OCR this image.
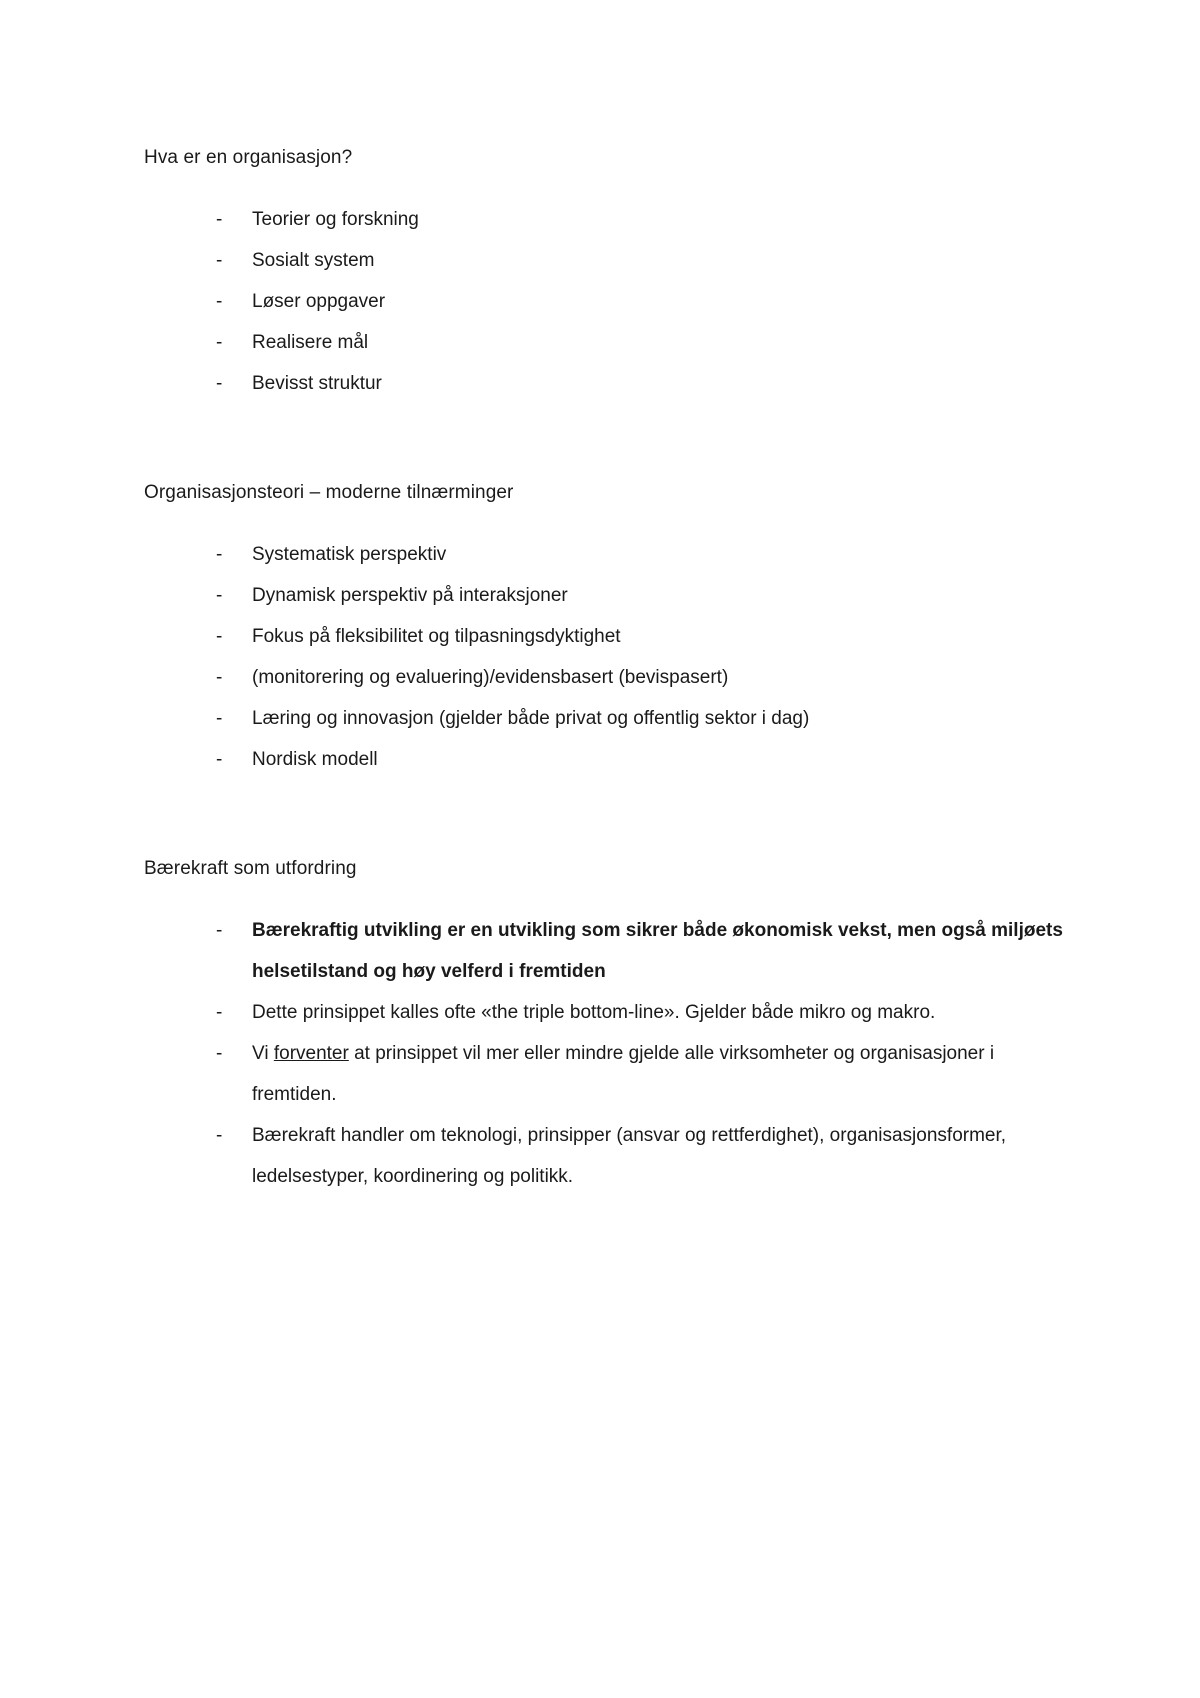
Hva er en organisasjon?
- Teorier og forskning
- Sosialt system
- Løser oppgaver
- Realisere mål
- Bevisst struktur
Organisasjonsteori – moderne tilnærminger
- Systematisk perspektiv
- Dynamisk perspektiv på interaksjoner
- Fokus på fleksibilitet og tilpasningsdyktighet
- (monitorering og evaluering)/evidensbasert (bevispasert)
- Læring og innovasjon (gjelder både privat og offentlig sektor i dag)
- Nordisk modell
Bærekraft som utfordring
- Bærekraftig utvikling er en utvikling som sikrer både økonomisk vekst, men også miljøets helsetilstand og høy velferd i fremtiden
- Dette prinsippet kalles ofte «the triple bottom-line». Gjelder både mikro og makro.
- Vi forventer at prinsippet vil mer eller mindre gjelde alle virksomheter og organisasjoner i fremtiden.
- Bærekraft handler om teknologi, prinsipper (ansvar og rettferdighet), organisasjonsformer, ledelsestyper, koordinering og politikk.
